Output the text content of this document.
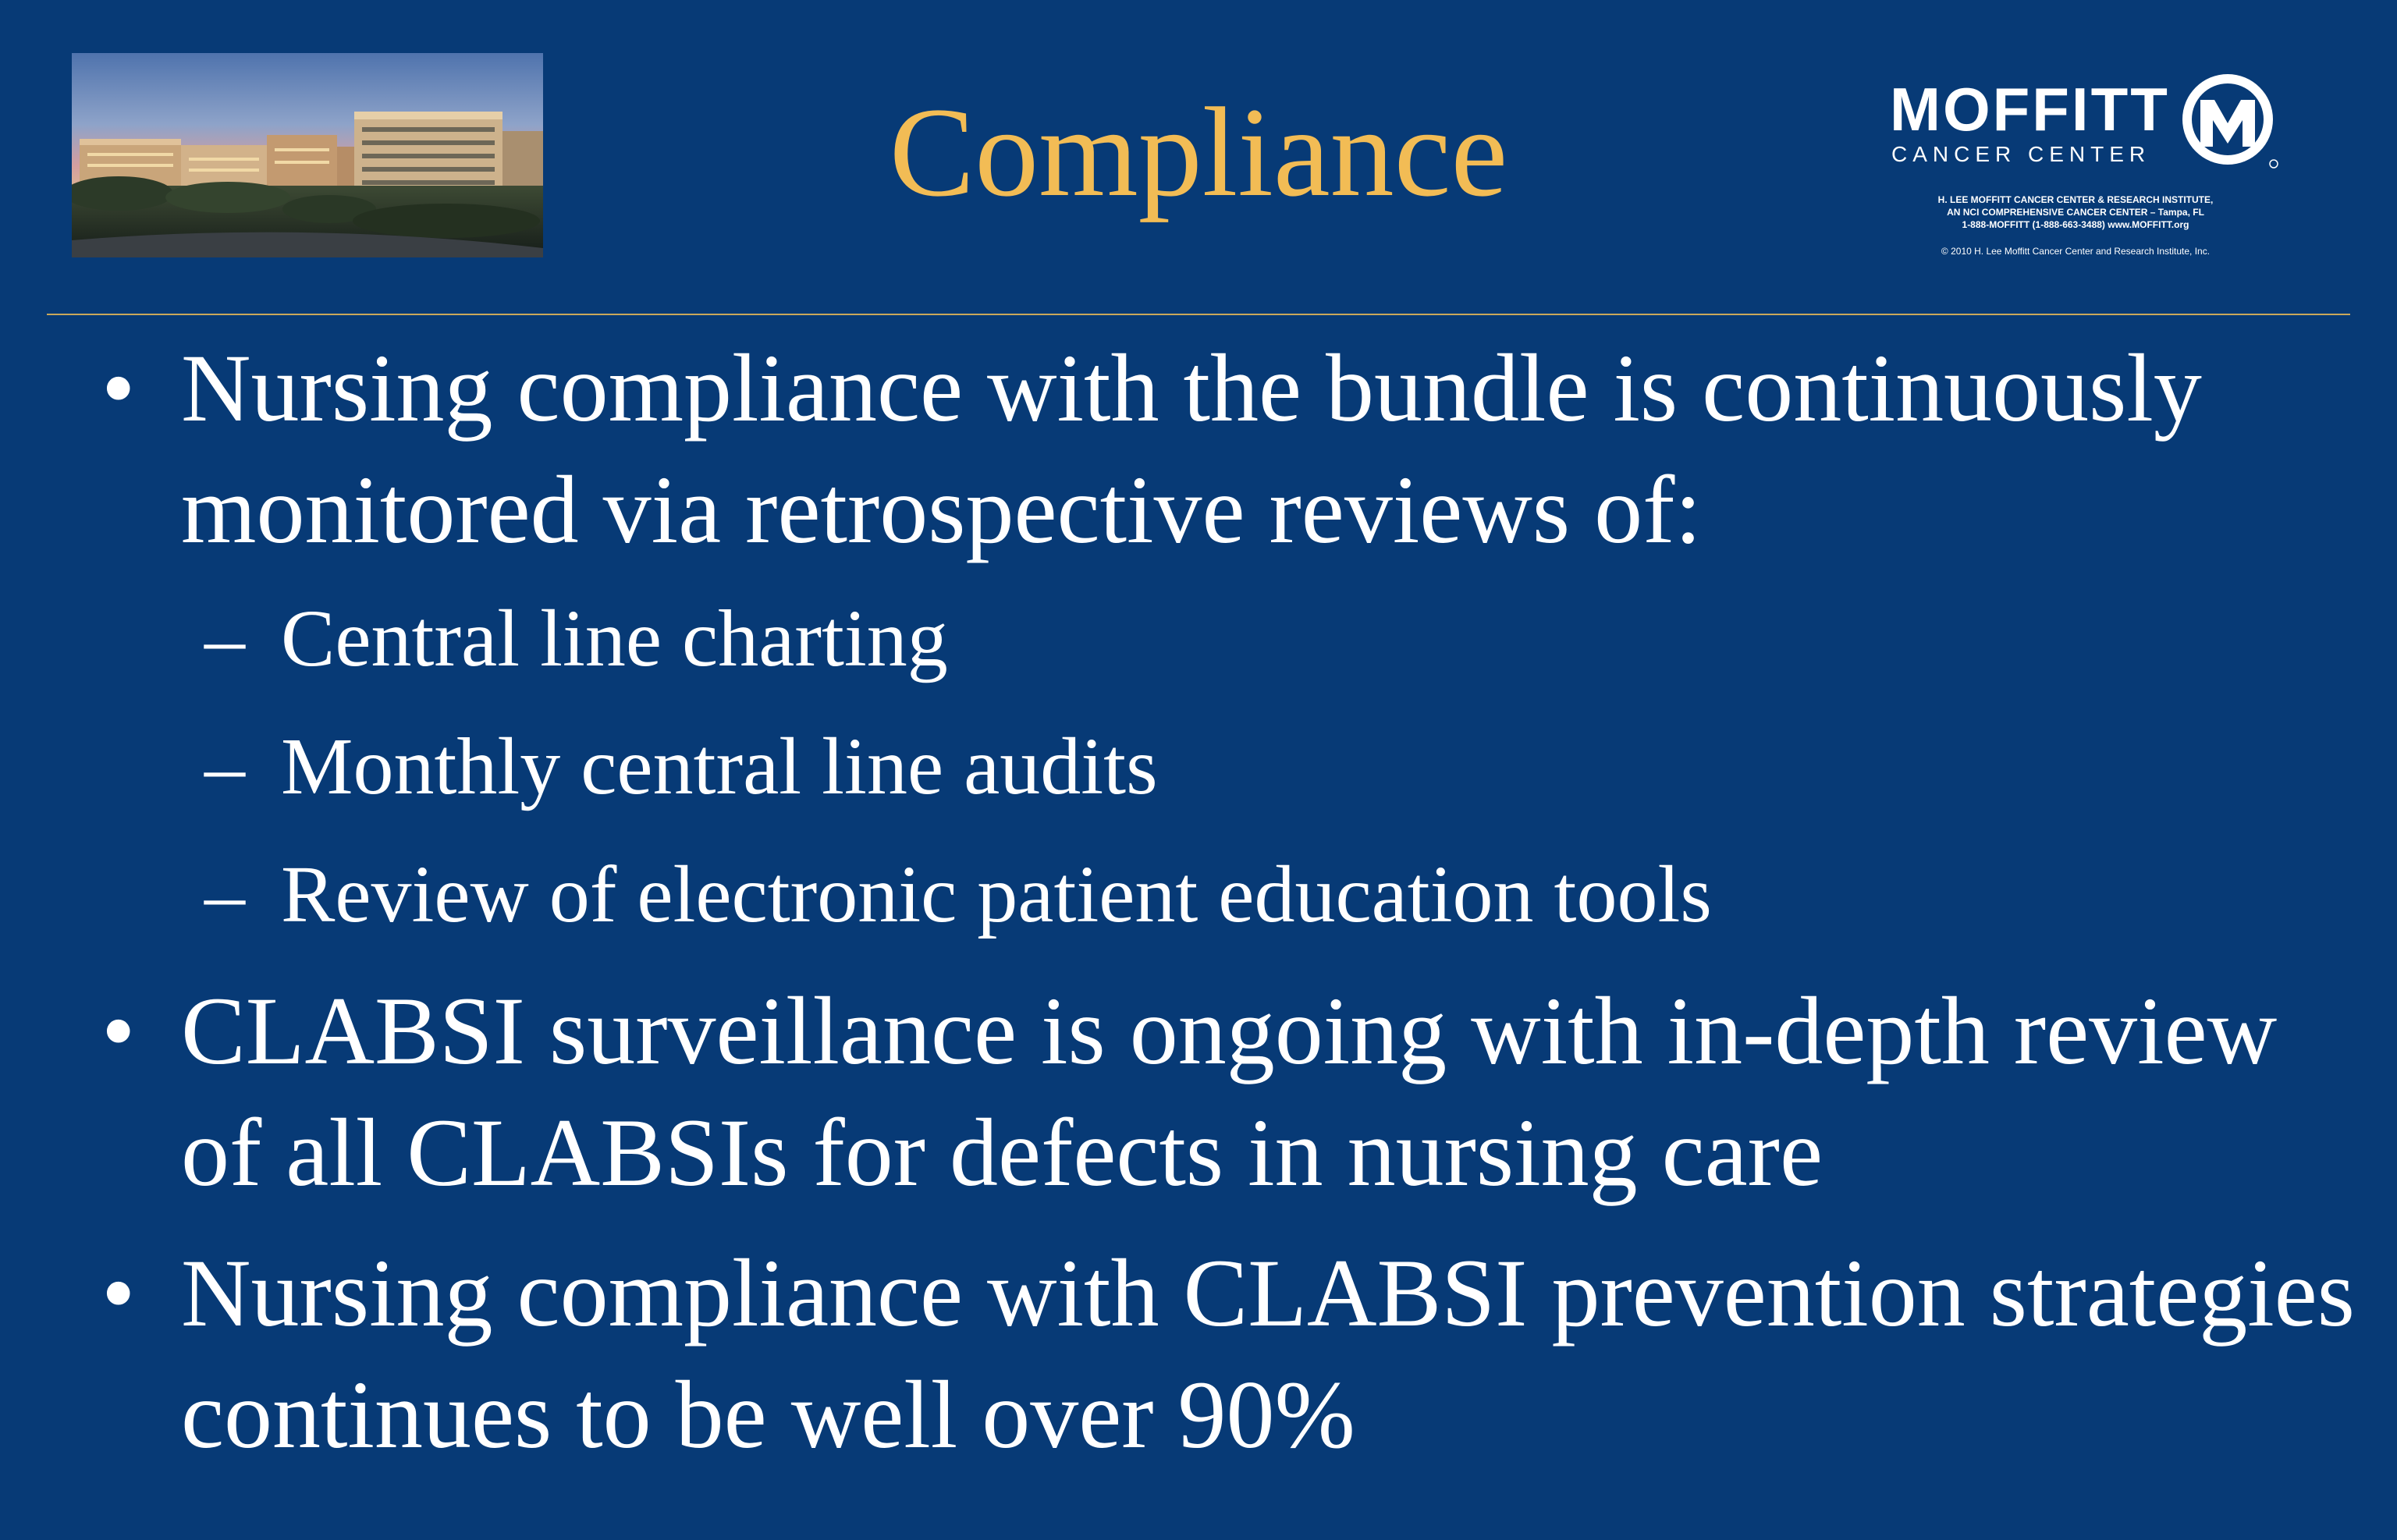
Compliance	MOFFITT
CANCER CENTER
H. LEE MOFFITT CANCER CENTER & RESEARCH INSTITUTE,
AN NCI COMPREHENSIVE CANCER CENTER – Tampa, FL
1-888-MOFFITT (1-888-663-3488) www.MOFFITT.org
© 2010 H. Lee Moffitt Cancer Center and Research Institute, Inc.
• Nursing compliance with the bundle is continuously monitored via retrospective reviews of:
– Central line charting
– Monthly central line audits
– Review of electronic patient education tools
• CLABSI surveillance is ongoing with in-depth review of all CLABSIs for defects in nursing care
• Nursing compliance with CLABSI prevention strategies continues to be well over 90%
